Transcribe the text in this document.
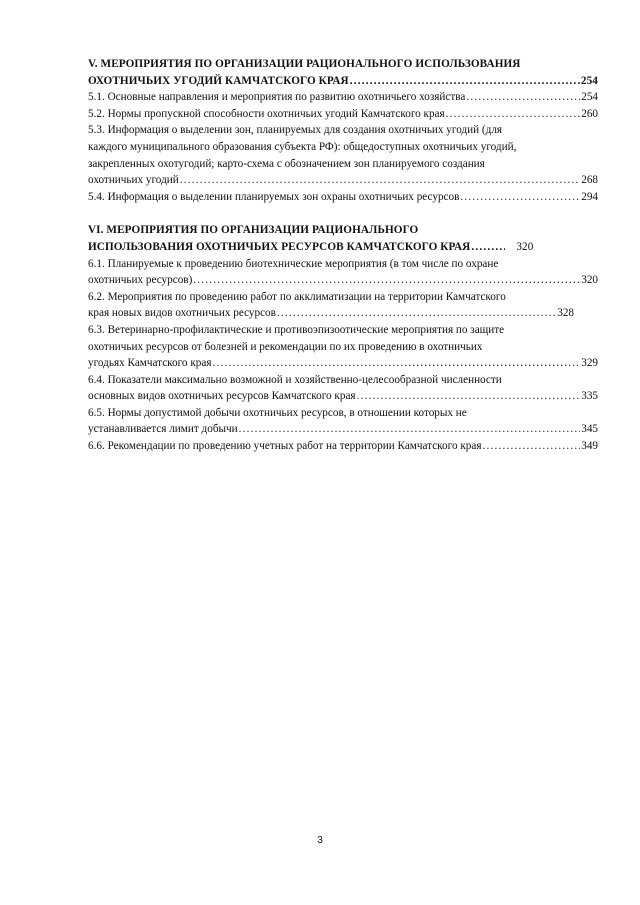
V. МЕРОПРИЯТИЯ ПО ОРГАНИЗАЦИИ РАЦИОНАЛЬНОГО ИСПОЛЬЗОВАНИЯ
ОХОТНИЧЬИХ УГОДИЙ КАМЧАТСКОГО КРАЯ .....	254
5.1. Основные направления и мероприятия по развитию охотничьего хозяйства .....	254
5.2. Нормы пропускной способности охотничьих угодий Камчатского края .....	260
5.3. Информация о выделении зон, планируемых для создания охотничьих угодий (для
каждого муниципального образования субъекта РФ): общедоступных охотничьих угодий,
закрепленных охотугодий; карто-схема с обозначением зон планируемого создания
охотничьих угодий .....	268
5.4. Информация о выделении планируемых зон охраны охотничьих ресурсов .....	294
VI. МЕРОПРИЯТИЯ ПО ОРГАНИЗАЦИИ РАЦИОНАЛЬНОГО
ИСПОЛЬЗОВАНИЯ ОХОТНИЧЬИХ РЕСУРСОВ КАМЧАТСКОГО КРАЯ .....	320
6.1. Планируемые к проведению биотехнические мероприятия (в том числе по охране
охотничьих ресурсов) .....	320
6.2. Мероприятия по проведению работ по акклиматизации на территории Камчатского
края новых видов охотничьих ресурсов .....	328
6.3. Ветеринарно-профилактические и противоэпизоотические мероприятия по защите
охотничьих ресурсов от болезней и рекомендации по их проведению в охотничьих
угодьях Камчатского края .....	329
6.4. Показатели максимально возможной и хозяйственно-целесообразной численности
основных видов охотничьих ресурсов Камчатского края .....	335
6.5. Нормы допустимой добычи охотничьих ресурсов, в отношении которых не
устанавливается лимит добычи .....	345
6.6. Рекомендации по проведению учетных работ на территории Камчатского края .....	349
3
